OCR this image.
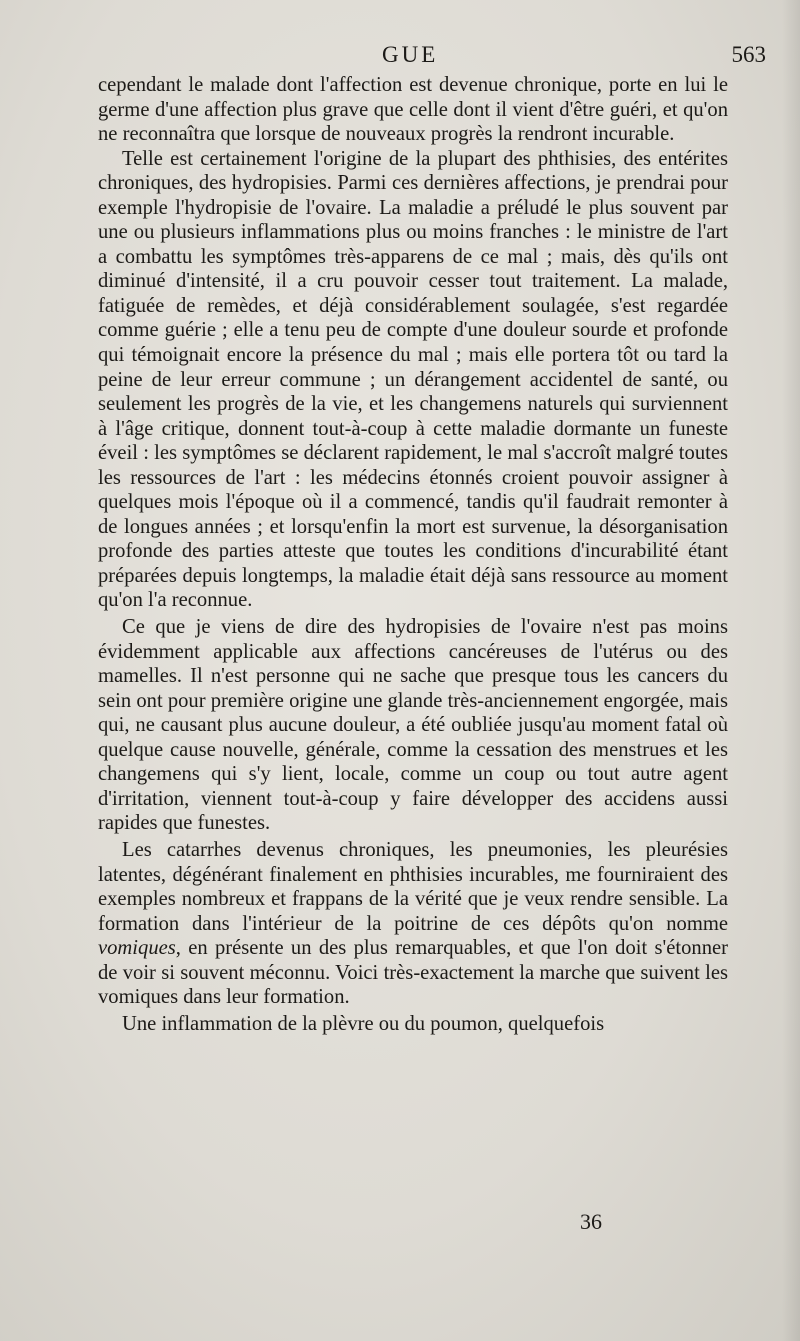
GUE	563

cependant le malade dont l'affection est devenue chronique, porte en lui le germe d'une affection plus grave que celle dont il vient d'être guéri, et qu'on ne reconnaîtra que lorsque de nouveaux progrès la rendront incurable.

Telle est certainement l'origine de la plupart des phthisies, des entérites chroniques, des hydropisies. Parmi ces dernières affections, je prendrai pour exemple l'hydropisie de l'ovaire. La maladie a préludé le plus souvent par une ou plusieurs inflammations plus ou moins franches : le ministre de l'art a combattu les symptômes très-apparens de ce mal ; mais, dès qu'ils ont diminué d'intensité, il a cru pouvoir cesser tout traitement. La malade, fatiguée de remèdes, et déjà considérablement soulagée, s'est regardée comme guérie ; elle a tenu peu de compte d'une douleur sourde et profonde qui témoignait encore la présence du mal ; mais elle portera tôt ou tard la peine de leur erreur commune ; un dérangement accidentel de santé, ou seulement les progrès de la vie, et les changemens naturels qui surviennent à l'âge critique, donnent tout-à-coup à cette maladie dormante un funeste éveil : les symptômes se déclarent rapidement, le mal s'accroît malgré toutes les ressources de l'art : les médecins étonnés croient pouvoir assigner à quelques mois l'époque où il a commencé, tandis qu'il faudrait remonter à de longues années ; et lorsqu'enfin la mort est survenue, la désorganisation profonde des parties atteste que toutes les conditions d'incurabilité étant préparées depuis longtemps, la maladie était déjà sans ressource au moment qu'on l'a reconnue.

Ce que je viens de dire des hydropisies de l'ovaire n'est pas moins évidemment applicable aux affections cancéreuses de l'utérus ou des mamelles. Il n'est personne qui ne sache que presque tous les cancers du sein ont pour première origine une glande très-anciennement engorgée, mais qui, ne causant plus aucune douleur, a été oubliée jusqu'au moment fatal où quelque cause nouvelle, générale, comme la cessation des menstrues et les changemens qui s'y lient, locale, comme un coup ou tout autre agent d'irritation, viennent tout-à-coup y faire développer des accidens aussi rapides que funestes.

Les catarrhes devenus chroniques, les pneumonies, les pleurésies latentes, dégénérant finalement en phthisies incurables, me fourniraient des exemples nombreux et frappans de la vérité que je veux rendre sensible. La formation dans l'intérieur de la poitrine de ces dépôts qu'on nomme vomiques, en présente un des plus remarquables, et que l'on doit s'étonner de voir si souvent méconnu. Voici très-exactement la marche que suivent les vomiques dans leur formation.

Une inflammation de la plèvre ou du poumon, quelquefois

36
